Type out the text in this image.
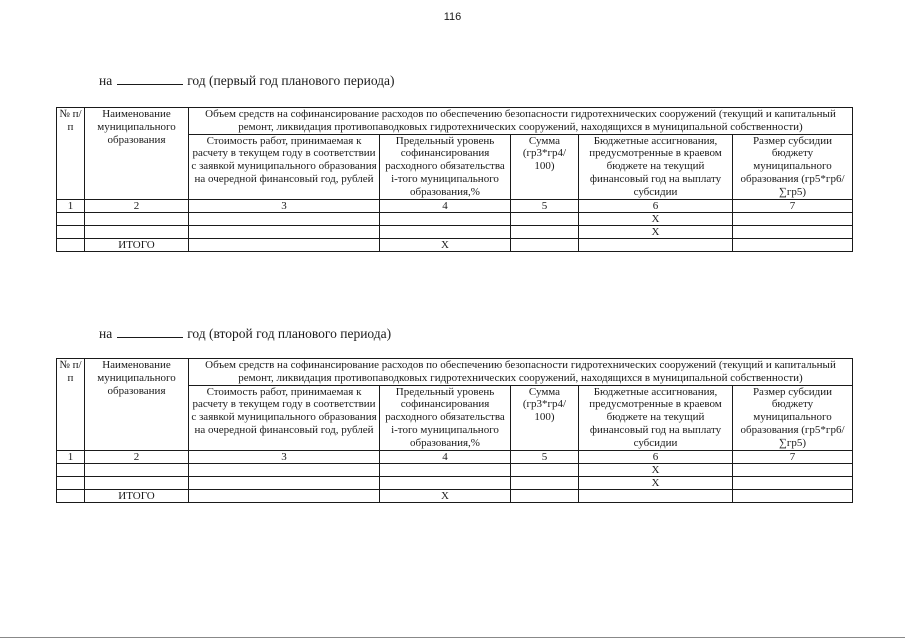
116
на	год (первый год планового периода)
№ п/п	Наименование муниципального образования	Объем средств на софинансирование расходов по обеспечению безопасности гидротехнических сооружений (текущий и капитальный ремонт, ликвидация противопаводковых гидротехнических сооружений, находящихся в муниципальной собственности)				
		Стоимость работ, принимаемая к расчету в текущем году в соответствии с заявкой муниципального образования на очередной финансовый год, рублей	Предельный уровень софинансирования расходного обязательства i-того муниципального образования,%	Сумма (гр3*гр4/ 100)	Бюджетные ассигнования, предусмотренные в краевом бюджете на текущий финансовый год на выплату субсидии	Размер субсидии бюджету муниципального образования (гр5*гр6/∑гр5)
1	2	3	4	5	6	7
					X	
					X	
	ИТОГО		X			
на	год (второй год планового периода)
№ п/п	Наименование муниципального образования	Объем средств на софинансирование расходов по обеспечению безопасности гидротехнических сооружений (текущий и капитальный ремонт, ликвидация противопаводковых гидротехнических сооружений, находящихся в муниципальной собственности)				
		Стоимость работ, принимаемая к расчету в текущем году в соответствии с заявкой муниципального образования на очередной финансовый год, рублей	Предельный уровень софинансирования расходного обязательства i-того муниципального образования,%	Сумма (гр3*гр4/ 100)	Бюджетные ассигнования, предусмотренные в краевом бюджете на текущий финансовый год на выплату субсидии	Размер субсидии бюджету муниципального образования (гр5*гр6/∑гр5)
1	2	3	4	5	6	7
					X	
					X	
	ИТОГО		X			
